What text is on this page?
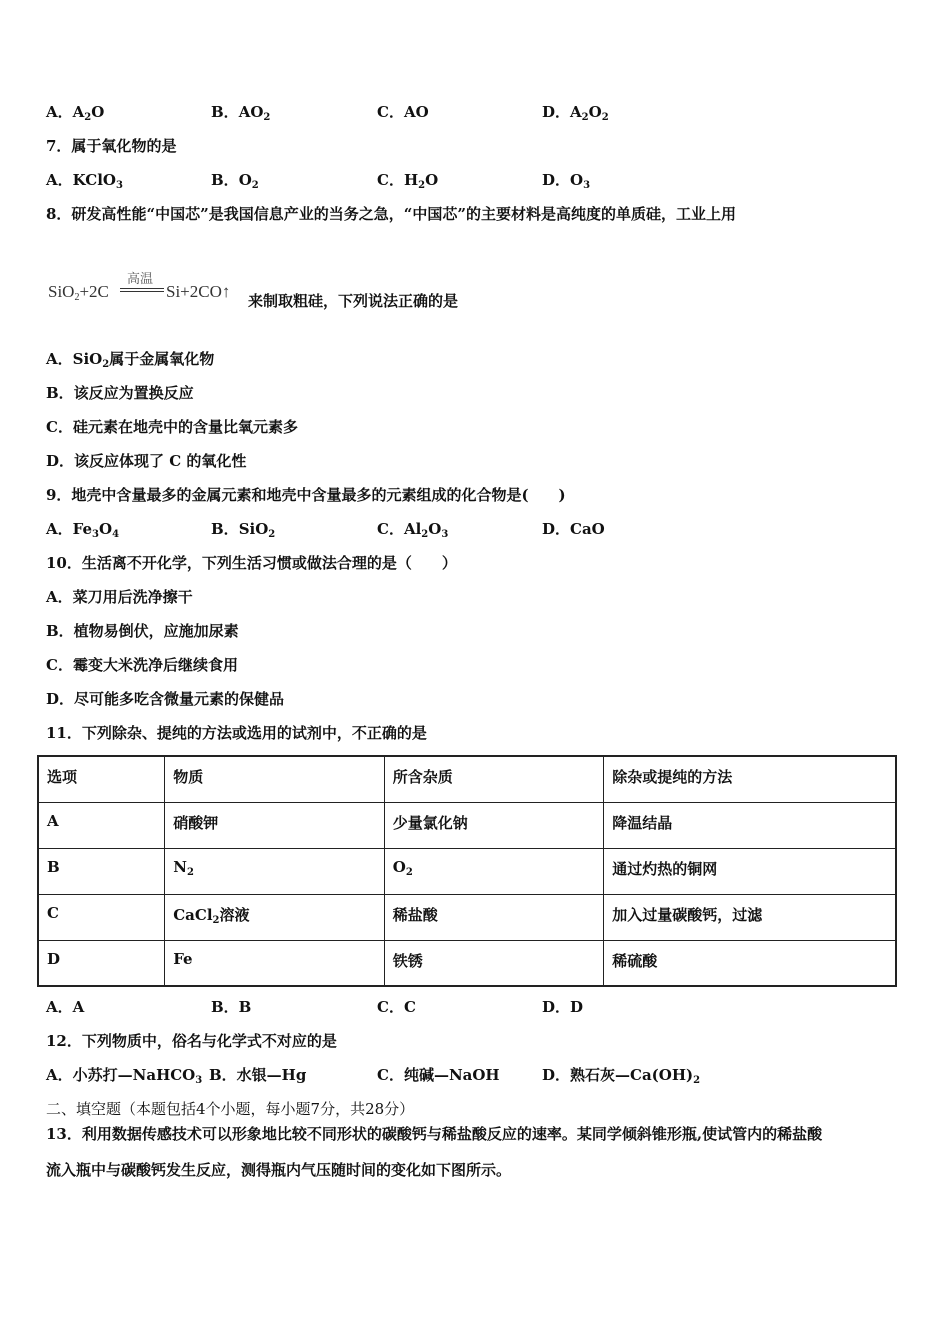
A．$A_2O$	B．$AO_2$	C．AO	D．$A_2O_2$
7．属于氧化物的是
A．KClO$_3$	B．$O_2$	C．$H_2O$	D．$O_3$
8．研发高性能“中国芯”是我国信息产业的当务之急，“中国芯”的主要材料是高纯度的单质硅，工业上用
SiO$_2$+2C
高温
Si+2CO↑ 来制取粗硅，下列说法正确的是
A．SiO$_2$属于金属氧化物
B．该反应为置换反应
C．硅元素在地壳中的含量比氧元素多
D．该反应体现了 C 的氧化性
9．地壳中含量最多的金属元素和地壳中含量最多的元素组成的化合物是(　　)
A．$Fe_3O_4$	B．SiO$_2$	C．$Al_2O_3$	D．CaO
10．生活离不开化学，下列生活习惯或做法合理的是（　　）
A．菜刀用后洗净擦干
B．植物易倒伏，应施加尿素
C．霉变大米洗净后继续食用
D．尽可能多吃含微量元素的保健品
11．下列除杂、提纯的方法或选用的试剂中，不正确的是
选项	物质	所含杂质	除杂或提纯的方法
A	硝酸钾	少量氯化钠	降温结晶
B	$N_2$	$O_2$	通过灼热的铜网
C	CaCl$_2$溶液	稀盐酸	加入过量碳酸钙，过滤
D	Fe	铁锈	稀硫酸
A．A	B．B	C．C	D．D
12．下列物质中，俗名与化学式不对应的是
A．小苏打—NaHCO$_3$ B．水银—Hg	C．纯碱—NaOH	D．熟石灰$—Ca(OH)_2$
二、填空题（本题包括4个小题，每小题7分，共28分）
13．利用数据传感技术可以形象地比较不同形状的碳酸钙与稀盐酸反应的速率。某同学倾斜锥形瓶,使试管内的稀盐酸
流入瓶中与碳酸钙发生反应，测得瓶内气压随时间的变化如下图所示。
